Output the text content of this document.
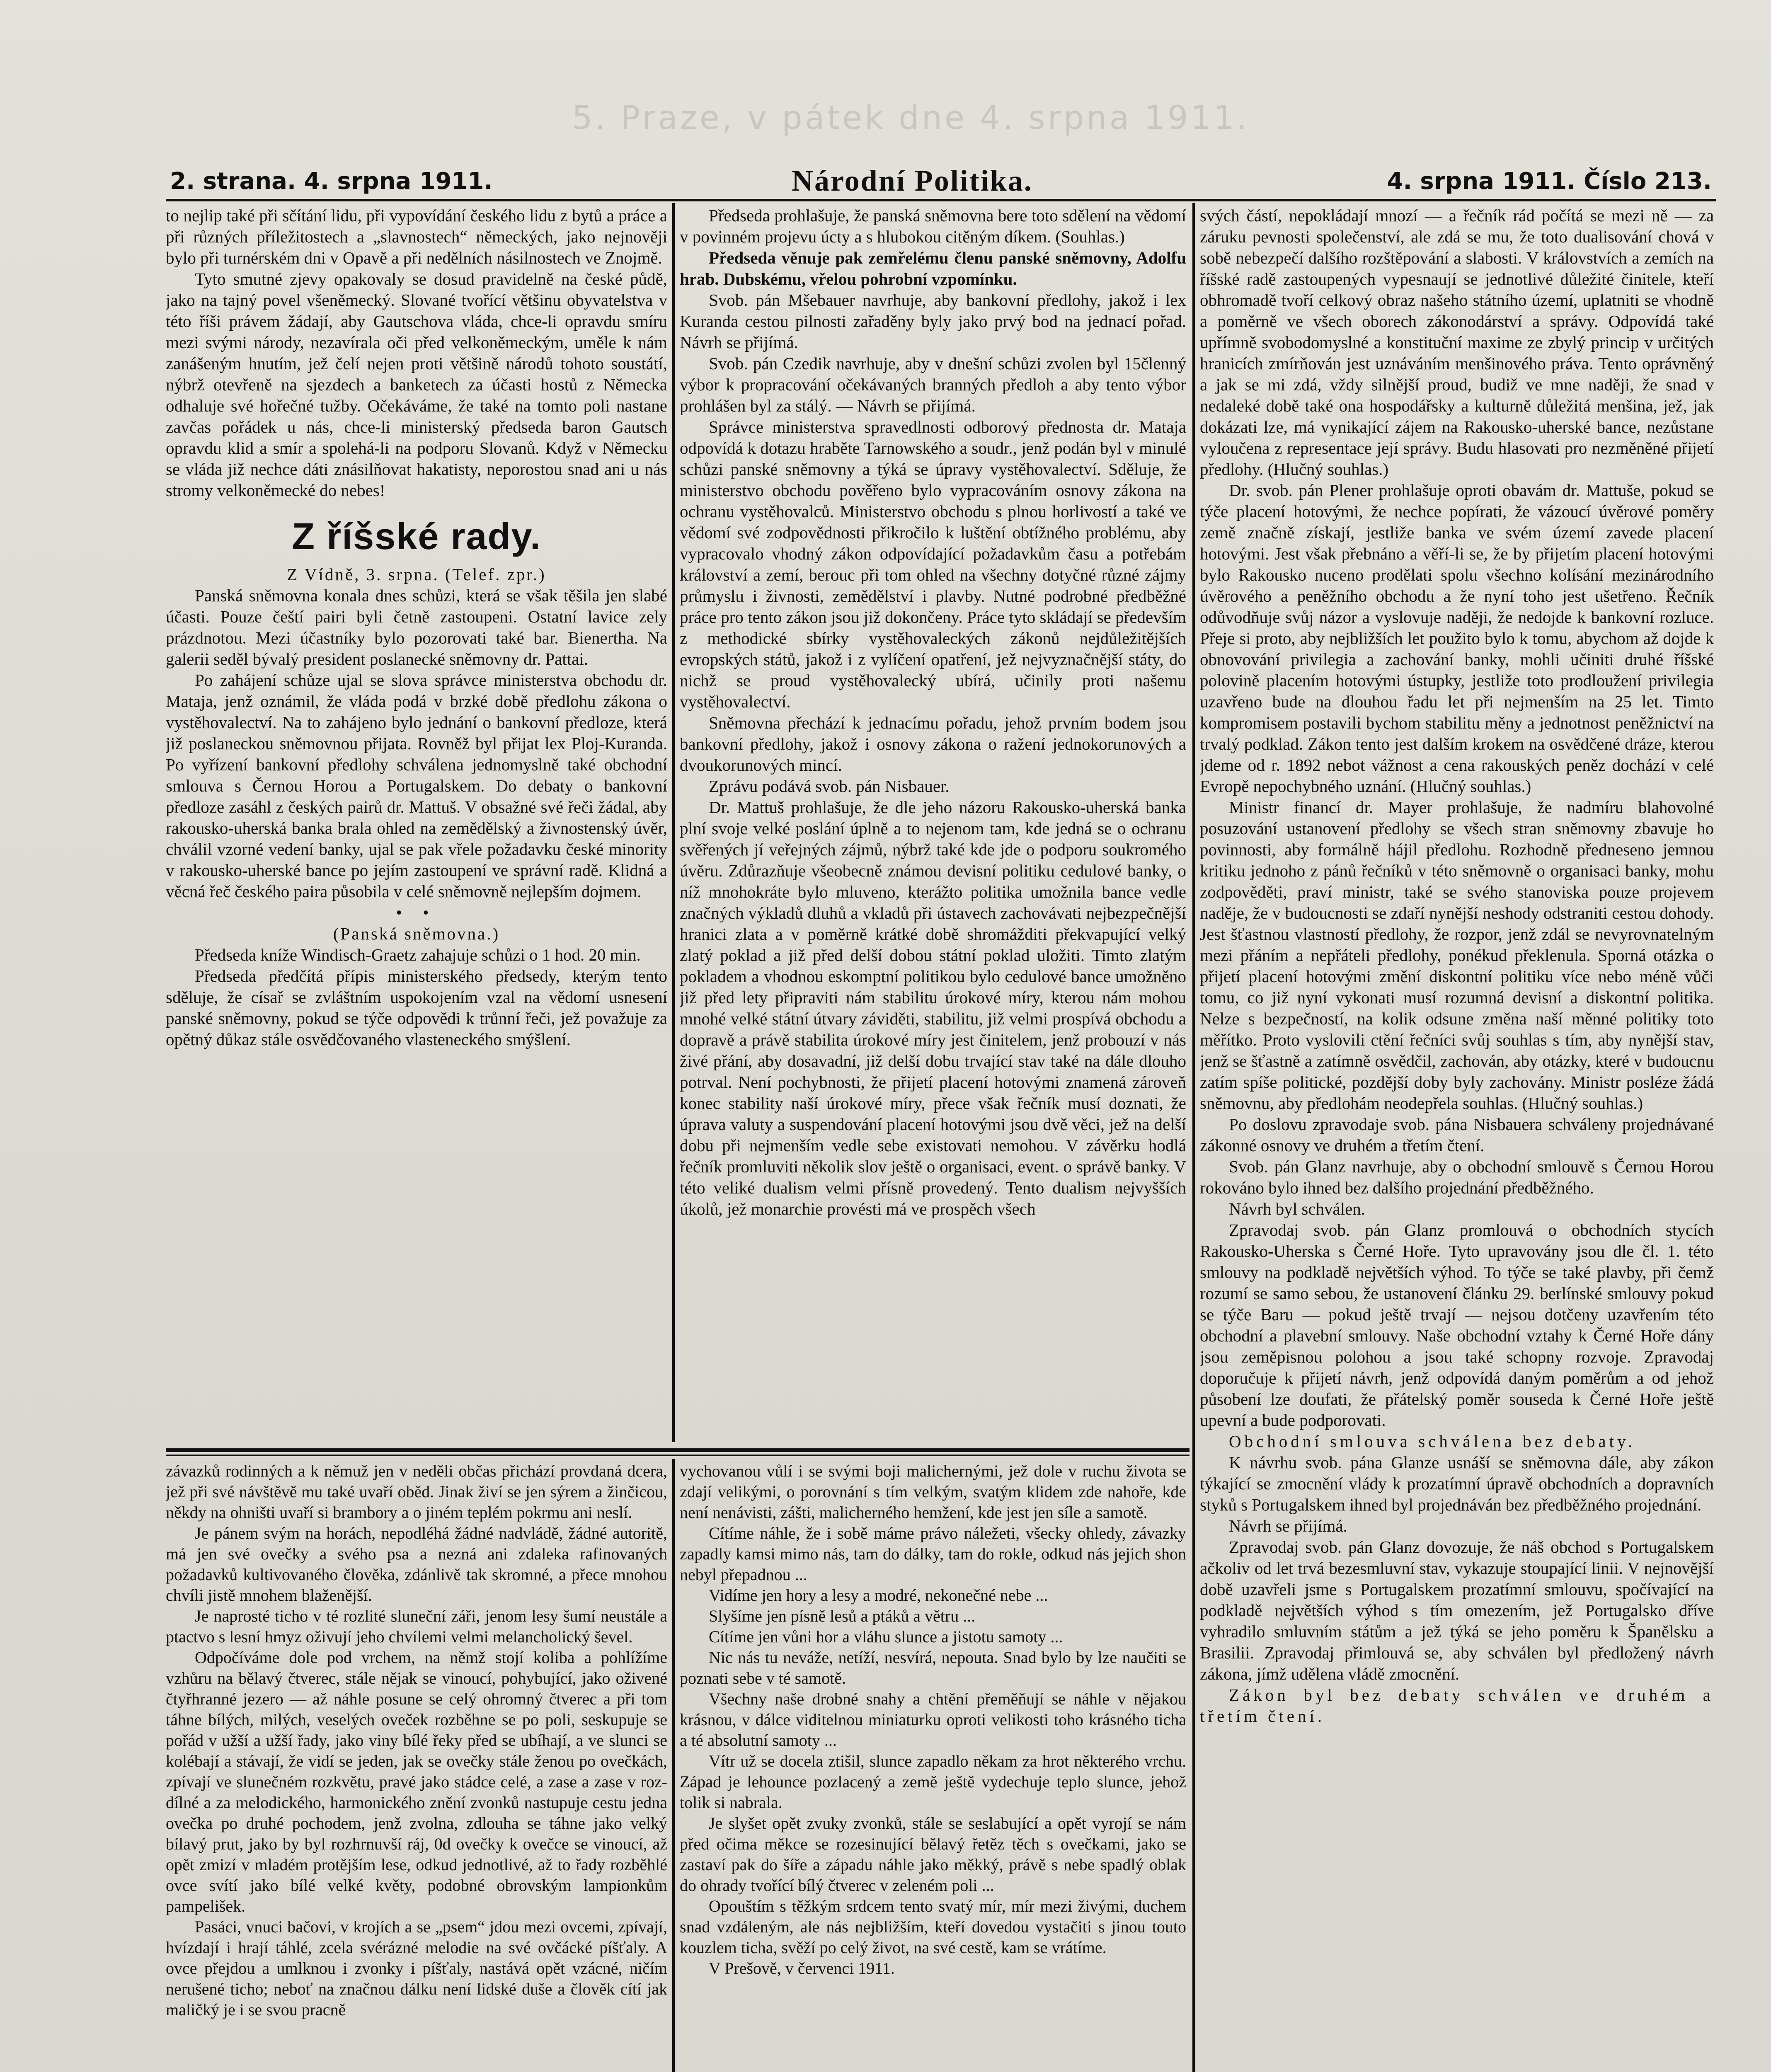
5. Praze, v pátek dne 4. srpna 1911.
2. strana. 4. srpna 1911.	Národní Politika.	4. srpna 1911. Číslo 213.

to nejlip také při sčítání lidu, při vypovídání českého lidu z bytů a práce a při různých příležitostech a „slavnostech“ německých, jako nejnověji bylo při turnérském dni v Opavě a při nedělních násilnostech ve Znojmě.

Tyto smutné zjevy opakovaly se dosud pravidelně na české půdě, jako na tajný povel všeněmecký. Slované tvořící většinu obyvatelstva v této říši právem žádají, aby Gautschova vláda, chce-li opravdu smíru mezi svými národy, nezavírala oči před velkoněmeckým, uměle k nám zanášeným hnutím, jež čelí nejen proti většině národů tohoto soustátí, nýbrž otevřeně na sjezdech a banketech za účasti hostů z Německa odhaluje své hořečné tužby. Očekáváme, že také na tomto poli nastane zavčas pořádek u nás, chce-li ministerský předseda baron Gautsch opravdu klid a smír a spolehá-li na podporu Slovanů. Když v Německu se vláda již nechce dáti znásilňovat hakatisty, neporostou snad ani u nás stromy velkoněmecké do nebes!

Z říšské rady.

Z Vídně, 3. srpna. (Telef. zpr.)

Panská sněmovna konala dnes schůzi, která se však těšila jen slabé účasti. Pouze čeští pairi byli četně zastoupeni. Ostatní lavice zely prázdnotou. Mezi účastníky bylo pozorovati také bar. Bienertha. Na galerii seděl bývalý president poslanecké sněmovny dr. Pattai.

Po zahájení schůze ujal se slova správce ministerstva obchodu dr. Mataja, jenž oznámil, že vláda podá v brzké době předlohu zákona o vystěhovalectví. Na to zahájeno bylo jednání o bankovní předloze, která již poslaneckou sněmovnou přijata. Rovněž byl přijat lex Ploj-Kuranda. Po vyřízení bankovní předlohy schválena jednomyslně také obchodní smlouva s Černou Horou a Portugalskem. Do debaty o bankovní předloze zasáhl z českých pairů dr. Mattuš. V obsažné své řeči žádal, aby rakousko-uherská banka brala ohled na zemědělský a živnostenský úvěr, chválil vzorné vedení banky, ujal se pak vřele požadavku české minority v rakousko-uherské bance po jejím zastoupení ve správní radě. Klidná a věcná řeč českého paira působila v celé sněmovně nejlepším dojmem.

• •

(Panská sněmovna.)

Předseda kníže Windisch-Graetz zahajuje schůzi o 1 hod. 20 min.

Předseda předčítá přípis ministerského předsedy, kterým tento sděluje, že císař se zvláštním uspokojením vzal na vědomí usnesení panské sněmovny, pokud se týče odpovědi k trůnní řeči, jež považuje za opětný důkaz stále osvědčovaného vlasteneckého smýšlení.

Předseda prohlašuje, že panská sněmovna bere toto sdělení na vědomí v povinném projevu úcty a s hlubokou citěným díkem. (Souhlas.)

Předseda věnuje pak zemřelému členu panské sněmovny, Adolfu hrab. Dubskému, vřelou pohrobní vzpomínku.

Svob. pán Mšebauer navrhuje, aby bankovní předlohy, jakož i lex Kuranda cestou pilnosti zařaděny byly jako prvý bod na jednací pořad. Návrh se přijímá.

Svob. pán Czedik navrhuje, aby v dnešní schůzi zvolen byl 15členný výbor k propracování očekávaných branných předloh a aby tento výbor prohlášen byl za stálý. — Návrh se přijímá.

Správce ministerstva spravedlnosti odborový přednosta dr. Mataja odpovídá k dotazu hraběte Tarnowského a soudr., jenž podán byl v minulé schůzi panské sněmovny a týká se úpravy vystěhovalectví. Sděluje, že ministerstvo obchodu pověřeno bylo vypracováním osnovy zákona na ochranu vystěhovalců. Ministerstvo obchodu s plnou horlivostí a také ve vědomí své zodpovědnosti přikročilo k luštění obtížného problému, aby vypracovalo vhodný zákon odpovídající požadavkům času a potřebám království a zemí, berouc při tom ohled na všechny dotyčné různé zájmy průmyslu i živnosti, zemědělství i plavby. Nutné podrobné předběžné práce pro tento zákon jsou již dokončeny. Práce tyto skládají se především z methodické sbírky vystěhovaleckých zákonů nejdůležitějších evropských států, jakož i z vylíčení opatření, jež nejvyznačnější státy, do nichž se proud vystěhovalecký ubírá, učinily proti našemu vystěhovalectví.

Sněmovna přechází k jednacímu pořadu, jehož prvním bodem jsou bankovní předlohy, jakož i osnovy zákona o ražení jednokorunových a dvoukorunových mincí.

Zprávu podává svob. pán Nisbauer.

Dr. Mattuš prohlašuje, že dle jeho názoru Rakousko-uherská banka plní svoje velké poslání úplně a to nejenom tam, kde jedná se o ochranu svěřených jí veřejných zájmů, nýbrž také kde jde o podporu soukromého úvěru. Zdůrazňuje všeobecně známou devisní politiku cedulové banky, o níž mnohokráte bylo mluveno, kterážto politika umožnila bance vedle značných výkladů dluhů a vkladů při ústavech zachovávati nejbezpečnější hranici zlata a v poměrně krátké době shromážditi překvapující velký zlatý poklad a již před delší dobou státní poklad uložiti. Timto zlatým pokladem a vhodnou eskomptní politikou bylo cedulové bance umožněno již před lety připraviti nám stabilitu úrokové míry, kterou nám mohou mnohé velké státní útvary záviděti, stabilitu, již velmi prospívá obchodu a dopravě a právě stabilita úrokové míry jest činitelem, jenž probouzí v nás živé přání, aby dosavadní, již delší dobu trvající stav také na dále dlouho potrval. Není pochybnosti, že přijetí placení hotovými znamená zároveň konec stability naší úrokové míry, přece však řečník musí doznati, že úprava valuty a suspendování placení hotovými jsou dvě věci, jež na delší dobu při nejmenším vedle sebe existovati nemohou. V závěrku hodlá řečník promluviti několik slov ještě o organisaci, event. o správě banky. V této veliké dualism velmi přísně provedený. Tento dualism nejvyšších úkolů, jež monarchie provésti má ve prospěch všech

svých částí, nepokládají mnozí — a řečník rád počítá se mezi ně — za záruku pevnosti společenství, ale zdá se mu, že toto dualisování chová v sobě nebezpečí dalšího rozštěpování a slabosti. V královstvích a zemích na říšské radě zastoupených vypesnaují se jednotlivé důležité činitele, kteří obhromadě tvoří celkový obraz našeho státního území, uplatniti se vhodně a poměrně ve všech oborech zákonodárství a správy. Odpovídá také upřímně svobodomyslné a konstituční maxime ze zbylý princip v určitých hranicích zmírňován jest uznáváním menšinového práva. Tento oprávněný a jak se mi zdá, vždy silnější proud, budiž ve mne naději, že snad v nedaleké době také ona hospodářsky a kulturně důležitá menšina, jež, jak dokázati lze, má vynikající zájem na Rakousko-uherské bance, nezůstane vyloučena z representace její správy. Budu hlasovati pro nezměněné přijetí předlohy. (Hlučný souhlas.)

Dr. svob. pán Plener prohlašuje oproti obavám dr. Mattuše, pokud se týče placení hotovými, že nechce popírati, že vázoucí úvěrové poměry země značně získají, jestliže banka ve svém území zavede placení hotovými. Jest však přebnáno a věří-li se, že by přijetím placení hotovými bylo Rakousko nuceno prodělati spolu všechno kolísání mezinárodního úvěrového a peněžního obchodu a že nyní toho jest ušetřeno. Řečník odůvodňuje svůj názor a vyslovuje naději, že nedojde k bankovní rozluce. Přeje si proto, aby nejbližších let použito bylo k tomu, abychom až dojde k obnovování privilegia a zachování banky, mohli učiniti druhé říšské polovině placením hotovými ústupky, jestliže toto prodloužení privilegia uzavřeno bude na dlouhou řadu let při nejmenším na 25 let. Timto kompromisem postavili bychom stabilitu měny a jednotnost peněžnictví na trvalý podklad. Zákon tento jest dalším krokem na osvědčené dráze, kterou jdeme od r. 1892 nebot vážnost a cena rakouských peněz dochází v celé Evropě nepochybného uznání. (Hlučný souhlas.)

Ministr financí dr. Mayer prohlašuje, že nadmíru blahovolné posuzování ustanovení předlohy se všech stran sněmovny zbavuje ho povinnosti, aby formálně hájil předlohu. Rozhodně předneseno jemnou kritiku jednoho z pánů řečníků v této sněmovně o organisaci banky, mohu zodpověděti, praví ministr, také se svého stanoviska pouze projevem naděje, že v budoucnosti se zdaří nynější neshody odstraniti cestou dohody. Jest šťastnou vlastností předlohy, že rozpor, jenž zdál se nevyrovnatelným mezi přáním a nepřáteli předlohy, ponékud překlenula. Sporná otázka o přijetí placení hotovými změní diskontní politiku více nebo méně vůči tomu, co již nyní vykonati musí rozumná devisní a diskontní politika. Nelze s bezpečností, na kolik odsune změna naší měnné politiky toto měřítko. Proto vyslovili ctění řečníci svůj souhlas s tím, aby nynější stav, jenž se šťastně a zatímně osvědčil, zachován, aby otázky, které v budoucnu zatím spíše politické, pozdější doby byly zachovány. Ministr posléze žádá sněmovnu, aby předlohám neodepřela souhlas. (Hlučný souhlas.)

Po doslovu zpravodaje svob. pána Nisbauera schváleny projednávané zákonné osnovy ve druhém a třetím čtení.

Svob. pán Glanz navrhuje, aby o obchodní smlouvě s Černou Horou rokováno bylo ihned bez dalšího projednání předběžného.

Návrh byl schválen.

Zpravodaj svob. pán Glanz promlouvá o obchodních stycích Rakousko-Uherska s Černé Hoře. Tyto upravovány jsou dle čl. 1. této smlouvy na podkladě největších výhod. To týče se také plavby, při čemž rozumí se samo sebou, že ustanovení článku 29. berlínské smlouvy pokud se týče Baru — pokud ještě trvají — nejsou dotčeny uzavřením této obchodní a plavební smlouvy. Naše obchodní vztahy k Černé Hoře dány jsou zeměpisnou polohou a jsou také schopny rozvoje. Zpravodaj doporučuje k přijetí návrh, jenž odpovídá daným poměrům a od jehož působení lze doufati, že přátelský poměr souseda k Černé Hoře ještě upevní a bude podporovati.

Obchodní smlouva schválena bez debaty.

K návrhu svob. pána Glanze usnáší se sněmovna dále, aby zákon týkající se zmocnění vlády k prozatímní úpravě obchodních a dopravních styků s Portugalskem ihned byl projednáván bez předběžného projednání.

Návrh se přijímá.

Zpravodaj svob. pán Glanz dovozuje, že náš obchod s Portugalskem ačkoliv od let trvá bezesmluvní stav, vykazuje stoupající linii. V nejnovější době uzavřeli jsme s Portugalskem prozatímní smlouvu, spočívající na podkladě největších výhod s tím omezením, jež Portugalsko dříve vyhradilo smluvním státům a jež týká se jeho poměru k Španělsku a Brasilii. Zpravodaj přimlouvá se, aby schválen byl předložený návrh zákona, jímž udělena vládě zmocnění.

Zákon byl bez debaty schválen ve druhém a třetím čtení.

závazků rodinných a k němuž jen v neděli občas přichází provdaná dcera, jež při své návštěvě mu také uvaří oběd. Jinak živí se jen sýrem a žinčicou, někdy na ohništi uvaří si brambory a o jiném teplém pokrmu ani neslí.

Je pánem svým na horách, nepodléhá žádné nadvládě, žádné autoritě, má jen své ovečky a svého psa a nezná ani zdaleka rafinovaných požadavků kultivovaného člověka, zdánlivě tak skromné, a přece mnohou chvíli jistě mnohem blaženější.

Je naprosté ticho v té rozlité sluneční záři, jenom lesy šumí neustále a ptactvo s lesní hmyz oživují jeho chvílemi velmi melancholický ševel.

Odpočíváme dole pod vrchem, na němž stojí koliba a pohlížíme vzhůru na bělavý čtverec, stále nějak se vinoucí, pohybující, jako oživené čtyřhranné jezero — až náhle posune se celý ohromný čtverec a při tom táhne bílých, milých, veselých oveček rozběhne se po poli, seskupuje se pořád v užší a užší řady, jako viny bílé řeky před se ubíhají, a ve slunci se kolébají a stávají, že vidí se jeden, jak se ovečky stále ženou po ovečkách, zpívají ve slunečném rozkvětu, pravé jako stádce celé, a zase a zase v rozdílné a za melodického, harmonického znění zvonků nastupuje cestu jedna ovečka po druhé pochodem, jenž zvolna, zdlouha se táhne jako velký bílavý prut, jako by byl rozhrnuvší ráj, 0d ovečky k ovečce se vinoucí, až opět zmizí v mladém protějším lese, odkud jednotlivé, až to řady rozběhlé ovce svítí jako bílé velké květy, podobné obrovským lampionkům pampelišek.

Pasáci, vnuci bačovi, v krojích a se „psem“ jdou mezi ovcemi, zpívají, hvízdají i hrají táhlé, zcela svérázné melodie na své ovčácké píšťaly. A ovce přejdou a umlknou i zvonky i píšťaly, nastává opět vzácné, ničím nerušené ticho; neboť na značnou dálku není lidské duše a člověk cítí jak maličký je i se svou pracně

vychovanou vůlí i se svými boji malichernými, jež dole v ruchu života se zdají velikými, o porovnání s tím velkým, svatým klidem zde nahoře, kde není nenávisti, zášti, malicherného hemžení, kde jest jen síle a samotě.

Cítíme náhle, že i sobě máme právo náležeti, všecky ohledy, závazky zapadly kamsi mimo nás, tam do dálky, tam do rokle, odkud nás jejich shon nebyl přepadnou ...

Vidíme jen hory a lesy a modré, nekonečné nebe ...

Slyšíme jen písně lesů a ptáků a větru ...

Cítíme jen vůni hor a vláhu slunce a jistotu samoty ...

Nic nás tu neváže, netíží, nesvírá, nepouta. Snad bylo by lze naučiti se poznati sebe v té samotě.

Všechny naše drobné snahy a chtění přeměňují se náhle v nějakou krásnou, v dálce viditelnou miniaturku oproti velikosti toho krásného ticha a té absolutní samoty ...

Vítr už se docela ztišil, slunce zapadlo někam za hrot některého vrchu. Západ je lehounce pozlacený a země ještě vydechuje teplo slunce, jehož tolik si nabrala.

Je slyšet opět zvuky zvonků, stále se seslabující a opět vyrojí se nám před očima měkce se rozesinující bělavý řetěz těch s ovečkami, jako se zastaví pak do šíře a západu náhle jako měkký, právě s nebe spadlý oblak do ohrady tvořící bílý čtverec v zeleném poli ...

Opouštím s těžkým srdcem tento svatý mír, mír mezi živými, duchem snad vzdáleným, ale nás nejbližším, kteří dovedou vystačiti s jinou touto kouzlem ticha, svěží po celý život, na své cestě, kam se vrátíme.

V Prešově, v červenci 1911.
